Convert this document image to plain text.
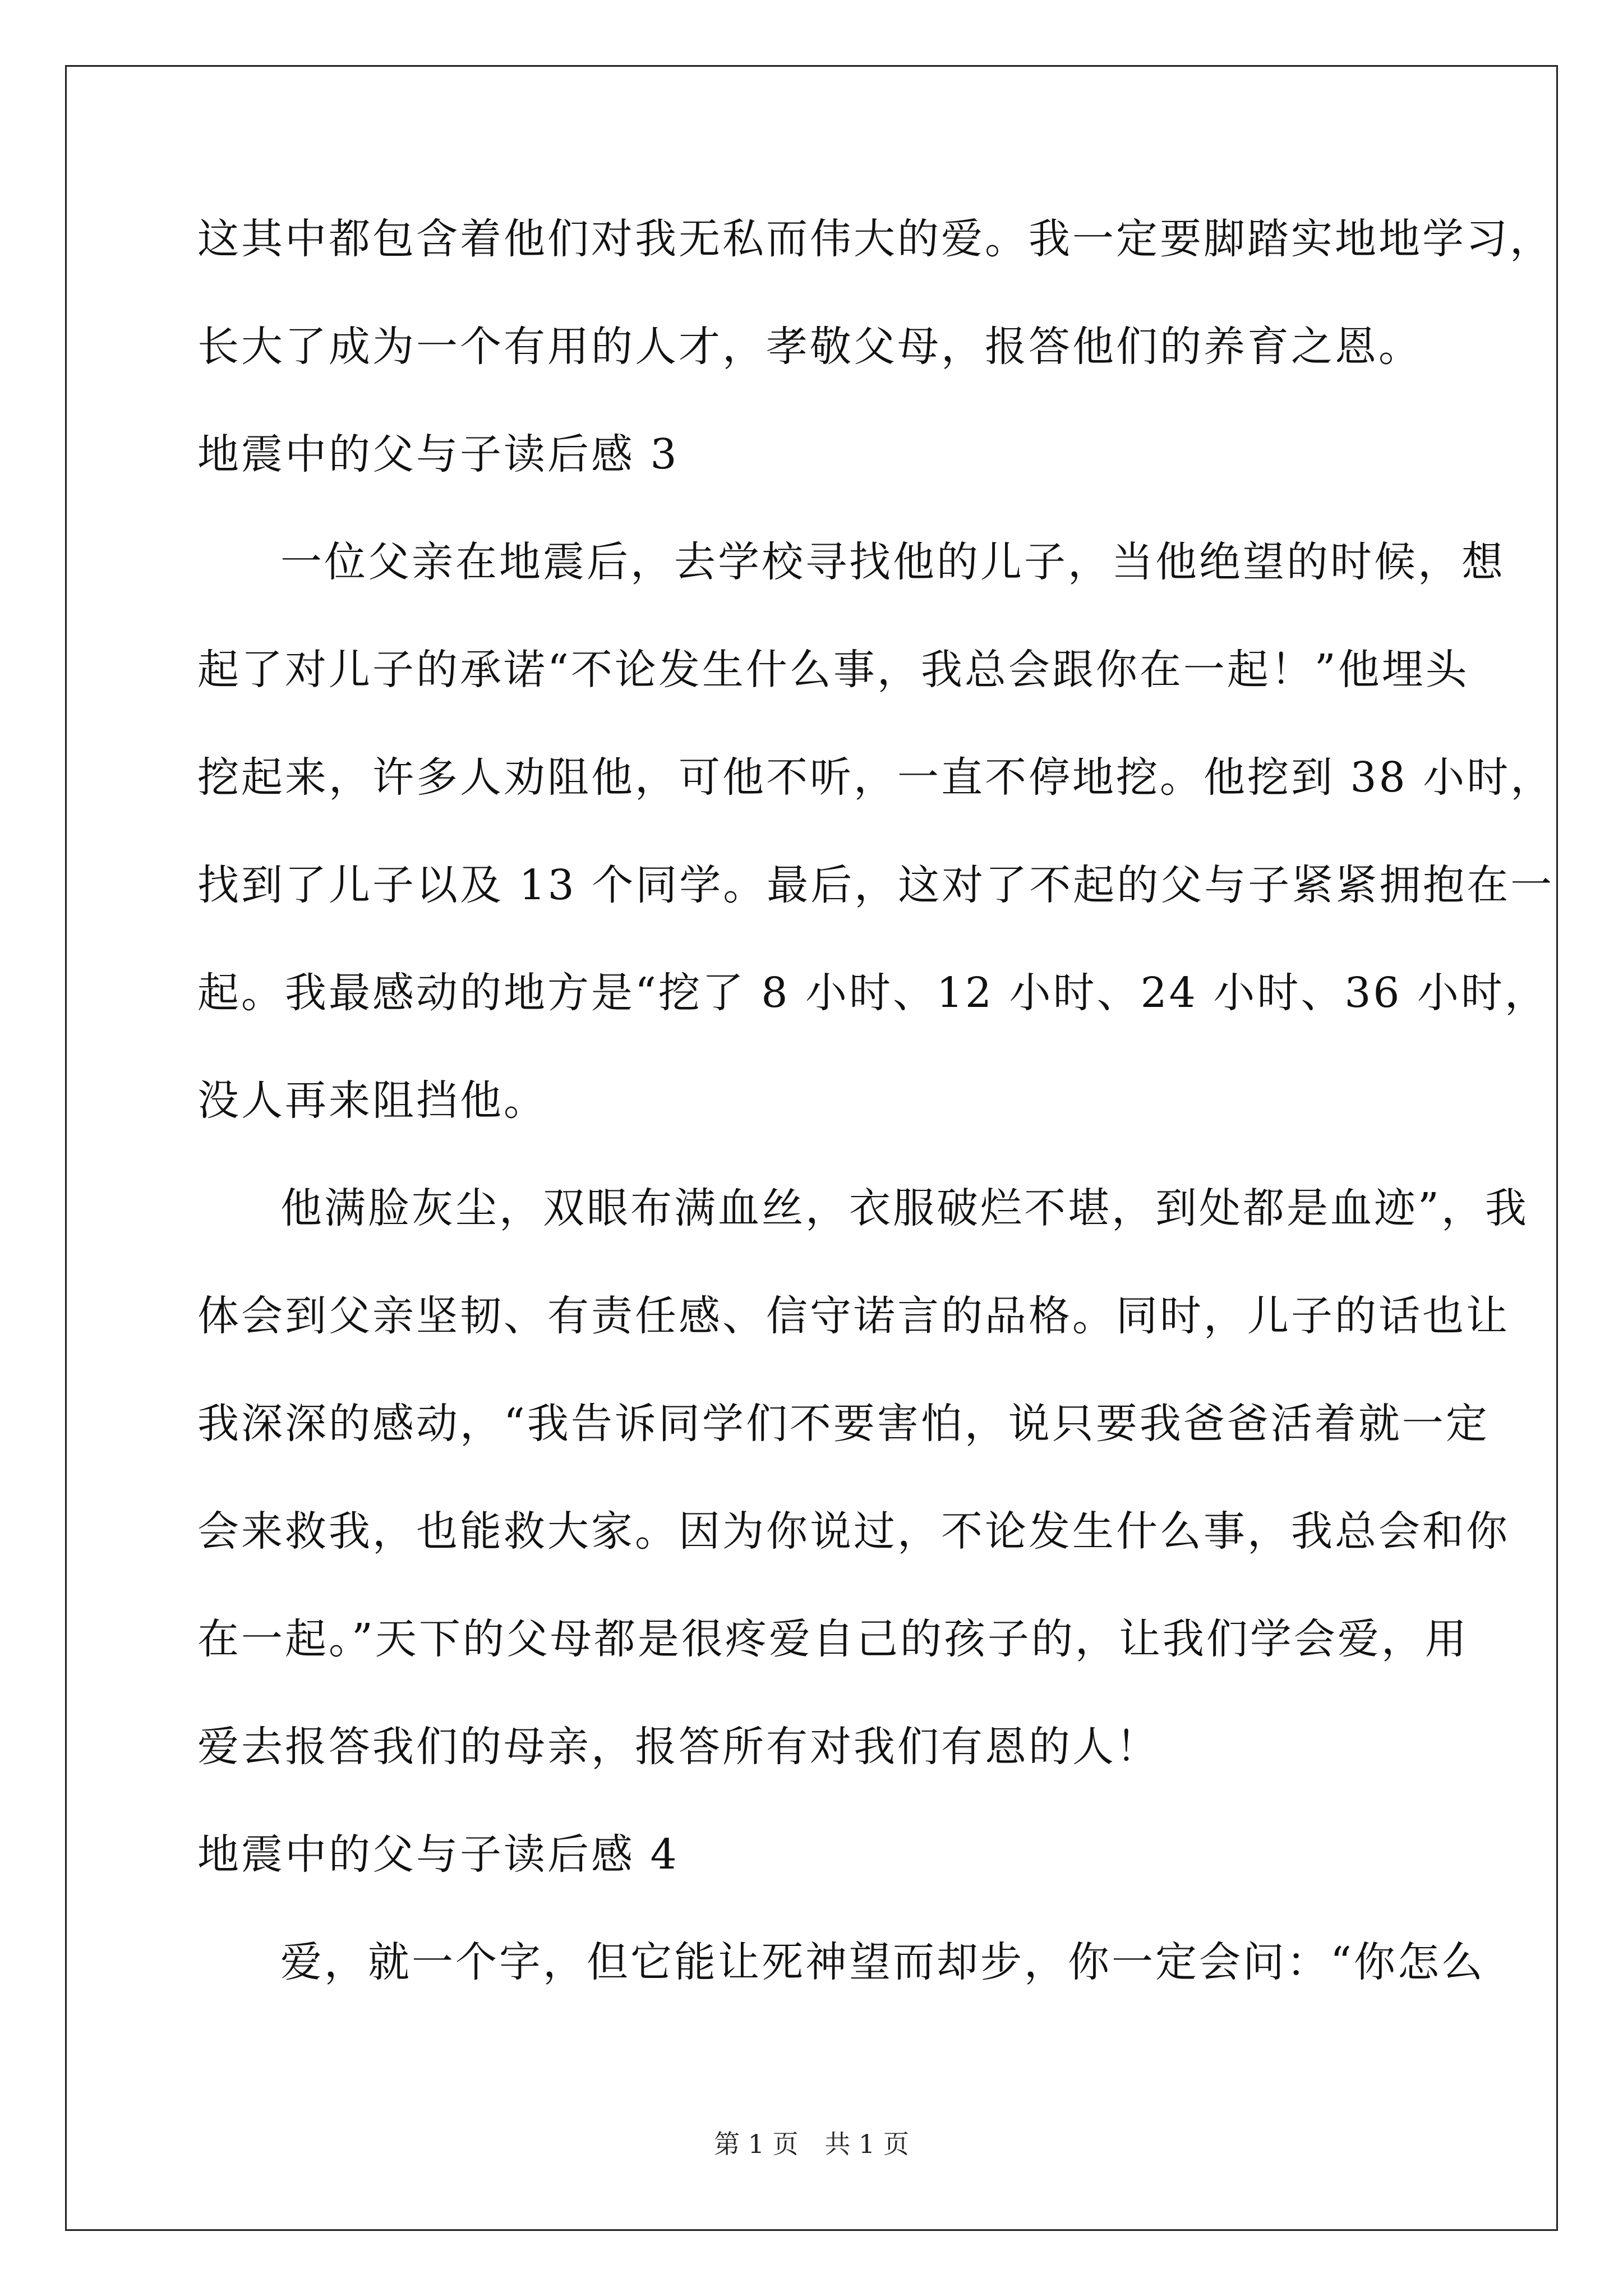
这其中都包含着他们对我无私而伟大的爱。我一定要脚踏实地地学习，
长大了成为一个有用的人才，孝敬父母，报答他们的养育之恩。
地震中的父与子读后感 3
一位父亲在地震后，去学校寻找他的儿子，当他绝望的时候，想
起了对儿子的承诺“不论发生什么事，我总会跟你在一起！”他埋头
挖起来，许多人劝阻他，可他不听，一直不停地挖。他挖到 38 小时，
找到了儿子以及 13 个同学。最后，这对了不起的父与子紧紧拥抱在一
起。我最感动的地方是“挖了 8 小时、12 小时、24 小时、36 小时，
没人再来阻挡他。
他满脸灰尘，双眼布满血丝，衣服破烂不堪，到处都是血迹”，我
体会到父亲坚韧、有责任感、信守诺言的品格。同时，儿子的话也让
我深深的感动，“我告诉同学们不要害怕，说只要我爸爸活着就一定
会来救我，也能救大家。因为你说过，不论发生什么事，我总会和你
在一起。”天下的父母都是很疼爱自己的孩子的，让我们学会爱，用
爱去报答我们的母亲，报答所有对我们有恩的人！
地震中的父与子读后感 4
爱，就一个字，但它能让死神望而却步，你一定会问：“你怎么
第 1 页 共 1 页
